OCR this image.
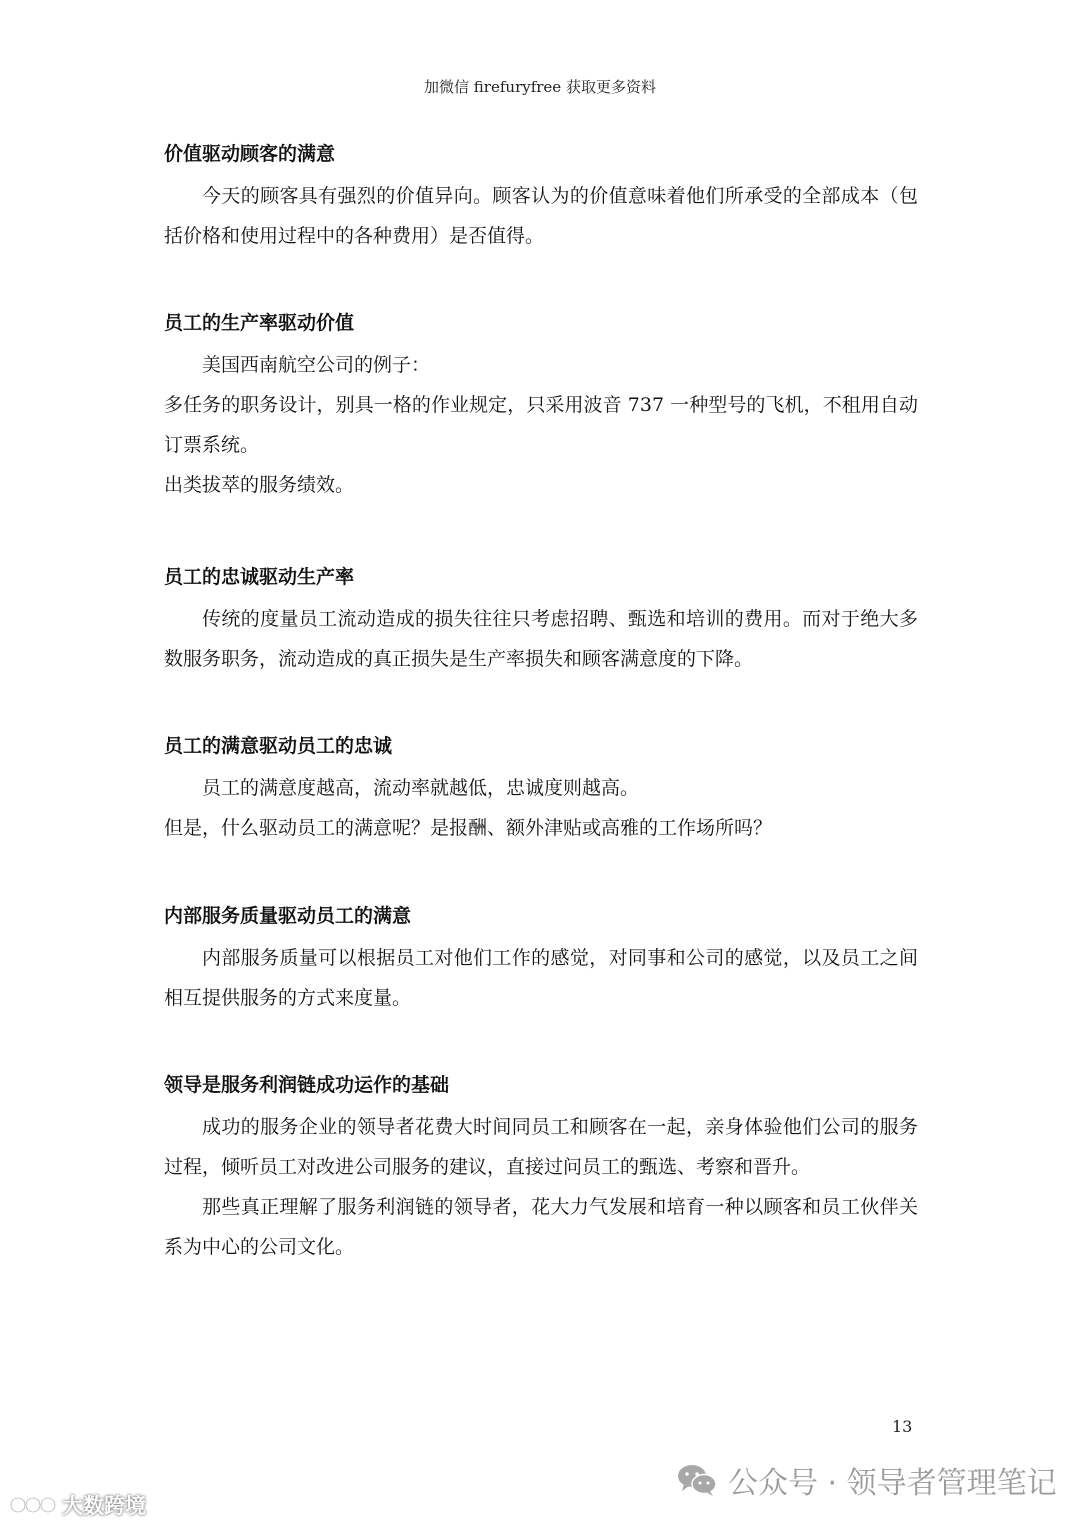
加微信 firefuryfree 获取更多资料
价值驱动顾客的满意

今天的顾客具有强烈的价值异向。顾客认为的价值意味着他们所承受的全部成本（包括价格和使用过程中的各种费用）是否值得。

员工的生产率驱动价值

美国西南航空公司的例子：

多任务的职务设计，别具一格的作业规定，只采用波音 737 一种型号的飞机，不租用自动订票系统。

出类拔萃的服务绩效。

员工的忠诚驱动生产率

传统的度量员工流动造成的损失往往只考虑招聘、甄选和培训的费用。而对于绝大多数服务职务，流动造成的真正损失是生产率损失和顾客满意度的下降。

员工的满意驱动员工的忠诚

员工的满意度越高，流动率就越低，忠诚度则越高。

但是，什么驱动员工的满意呢？是报酬、额外津贴或高雅的工作场所吗？

内部服务质量驱动员工的满意

内部服务质量可以根据员工对他们工作的感觉，对同事和公司的感觉，以及员工之间相互提供服务的方式来度量。

领导是服务利润链成功运作的基础

成功的服务企业的领导者花费大时间同员工和顾客在一起，亲身体验他们公司的服务过程，倾听员工对改进公司服务的建议，直接过问员工的甄选、考察和晋升。

那些真正理解了服务利润链的领导者，花大力气发展和培育一种以顾客和员工伙伴关系为中心的公司文化。

13
公众号 · 领导者管理笔记
大数跨境
